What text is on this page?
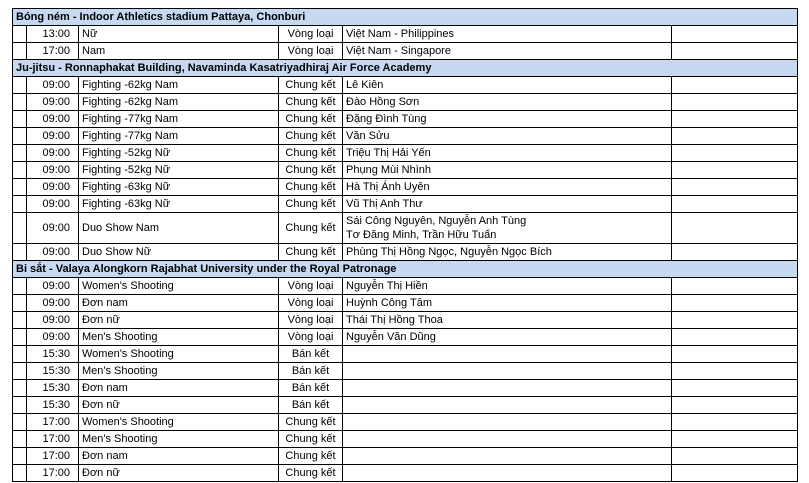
Bóng ném - Indoor Athletics stadium Pattaya, Chonburi					
	13:00	Nữ	Vòng loại	Việt Nam - Philippines	

	17:00	Nam	Vòng loại	Việt Nam - Singapore	

Ju-jitsu - Ronnaphakat Building, Navaminda Kasatriyadhiraj Air Force Academy					
	09:00	Fighting -62kg Nam	Chung kết	Lê Kiên	

	09:00	Fighting -62kg Nam	Chung kết	Đào Hồng Sơn	

	09:00	Fighting -77kg Nam	Chung kết	Đặng Đình Tùng	

	09:00	Fighting -77kg Nam	Chung kết	Văn Sửu	

	09:00	Fighting -52kg Nữ	Chung kết	Triệu Thị Hải Yến	

	09:00	Fighting -52kg Nữ	Chung kết	Phụng Mùi Nhình	

	09:00	Fighting -63kg Nữ	Chung kết	Hà Thị Ánh Uyên	

	09:00	Fighting -63kg Nữ	Chung kết	Vũ Thị Anh Thư	

	09:00	Duo Show Nam	Chung kết	Sái Công Nguyên, Nguyễn Anh Tùng
Tơ Đăng Minh, Trần Hữu Tuấn	

	09:00	Duo Show Nữ	Chung kết	Phùng Thị Hồng Ngọc, Nguyễn Ngọc Bích	

Bi sắt - Valaya Alongkorn Rajabhat University under the Royal Patronage					
	09:00	Women's Shooting	Vòng loại	Nguyễn Thị Hiền	

	09:00	Đơn nam	Vòng loại	Huỳnh Công Tâm	

	09:00	Đơn nữ	Vòng loại	Thái Thị Hồng Thoa	

	09:00	Men's Shooting	Vòng loại	Nguyễn Văn Dũng	

	15:30	Women's Shooting	Bán kết		
	15:30	Men's Shooting	Bán kết		
	15:30	Đơn nam	Bán kết		
	15:30	Đơn nữ	Bán kết		
	17:00	Women's Shooting	Chung kết		
	17:00	Men's Shooting	Chung kết		
	17:00	Đơn nam	Chung kết		
	17:00	Đơn nữ	Chung kết		
